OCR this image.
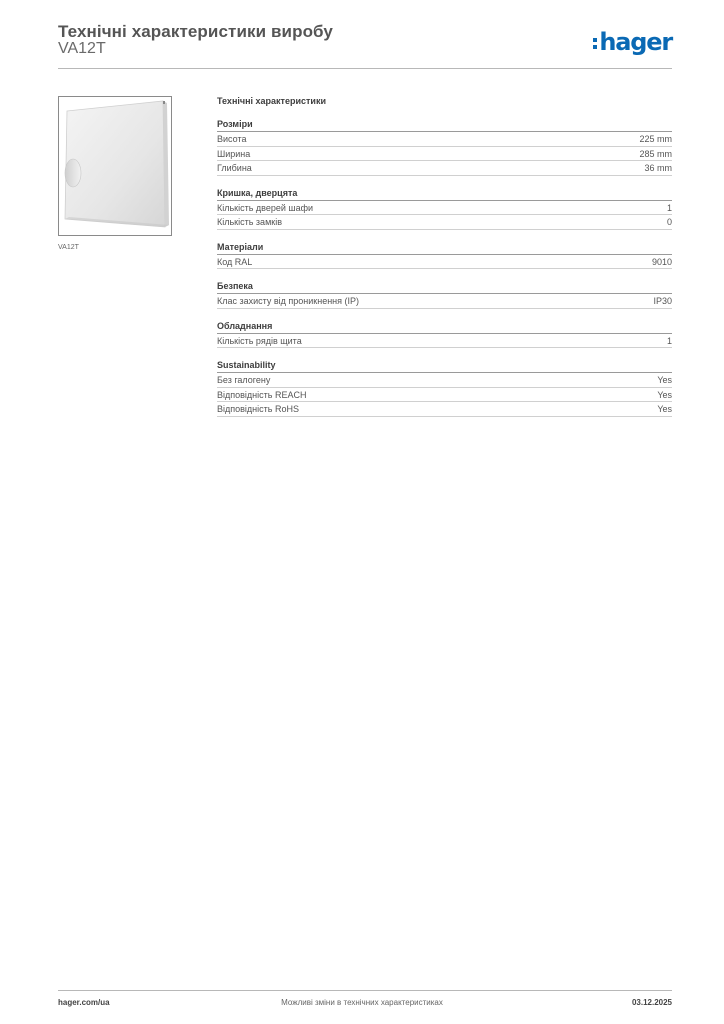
Технічні характеристики виробу
VA12T	hager
VA12T
Технічні характеристики
Розміри
Висота	225 mm
Ширина	285 mm
Глибина	36 mm
Кришка, дверцята
Кількість дверей шафи	1
Кількість замків	0
Матеріали
Код RAL	9010
Безпека
Клас захисту від проникнення (IP)	IP30
Обладнання
Кількість рядів щита	1
Sustainability
Без галогену	Yes
Відповідність REACH	Yes
Відповідність RoHS	Yes
hager.com/ua	Можливі зміни в технічних характеристиках	03.12.2025
